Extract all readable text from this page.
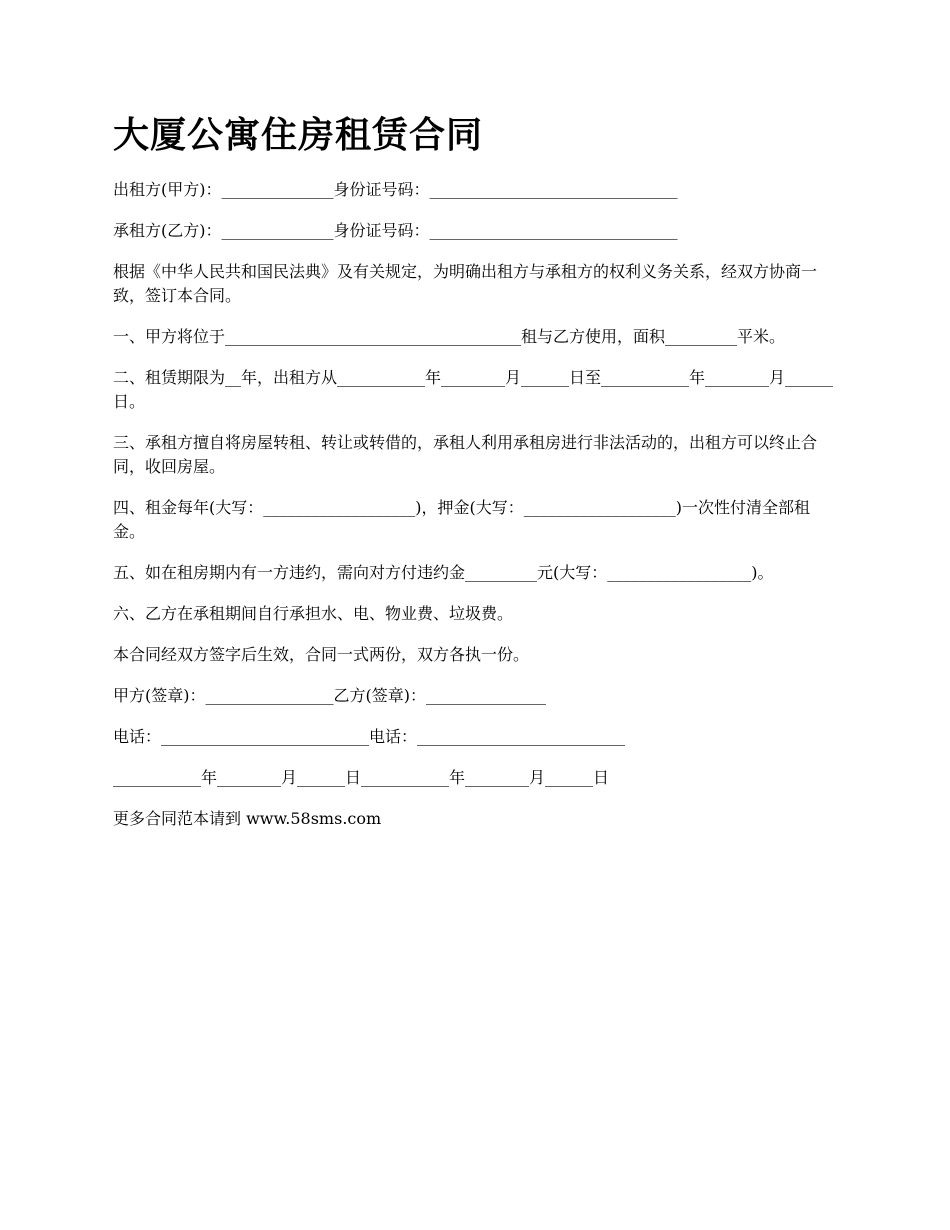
大厦公寓住房租赁合同

出租方(甲方)：______________身份证号码：_______________________________

承租方(乙方)：______________身份证号码：_______________________________

根据《中华人民共和国民法典》及有关规定，为明确出租方与承租方的权利义务关系，经双方协商一致，签订本合同。

一、甲方将位于_____________________________________租与乙方使用，面积_________平米。

二、租赁期限为__年，出租方从___________年________月______日至___________年________月______日。

三、承租方擅自将房屋转租、转让或转借的，承租人利用承租房进行非法活动的，出租方可以终止合同，收回房屋。

四、租金每年(大写：___________________)，押金(大写：___________________)一次性付清全部租金。

五、如在租房期内有一方违约，需向对方付违约金_________元(大写：__________________)。

六、乙方在承租期间自行承担水、电、物业费、垃圾费。

本合同经双方签字后生效，合同一式两份，双方各执一份。

甲方(签章)：________________乙方(签章)：_______________

电话：__________________________电话：__________________________

___________年________月______日___________年________月______日

更多合同范本请到 www.58sms.com
